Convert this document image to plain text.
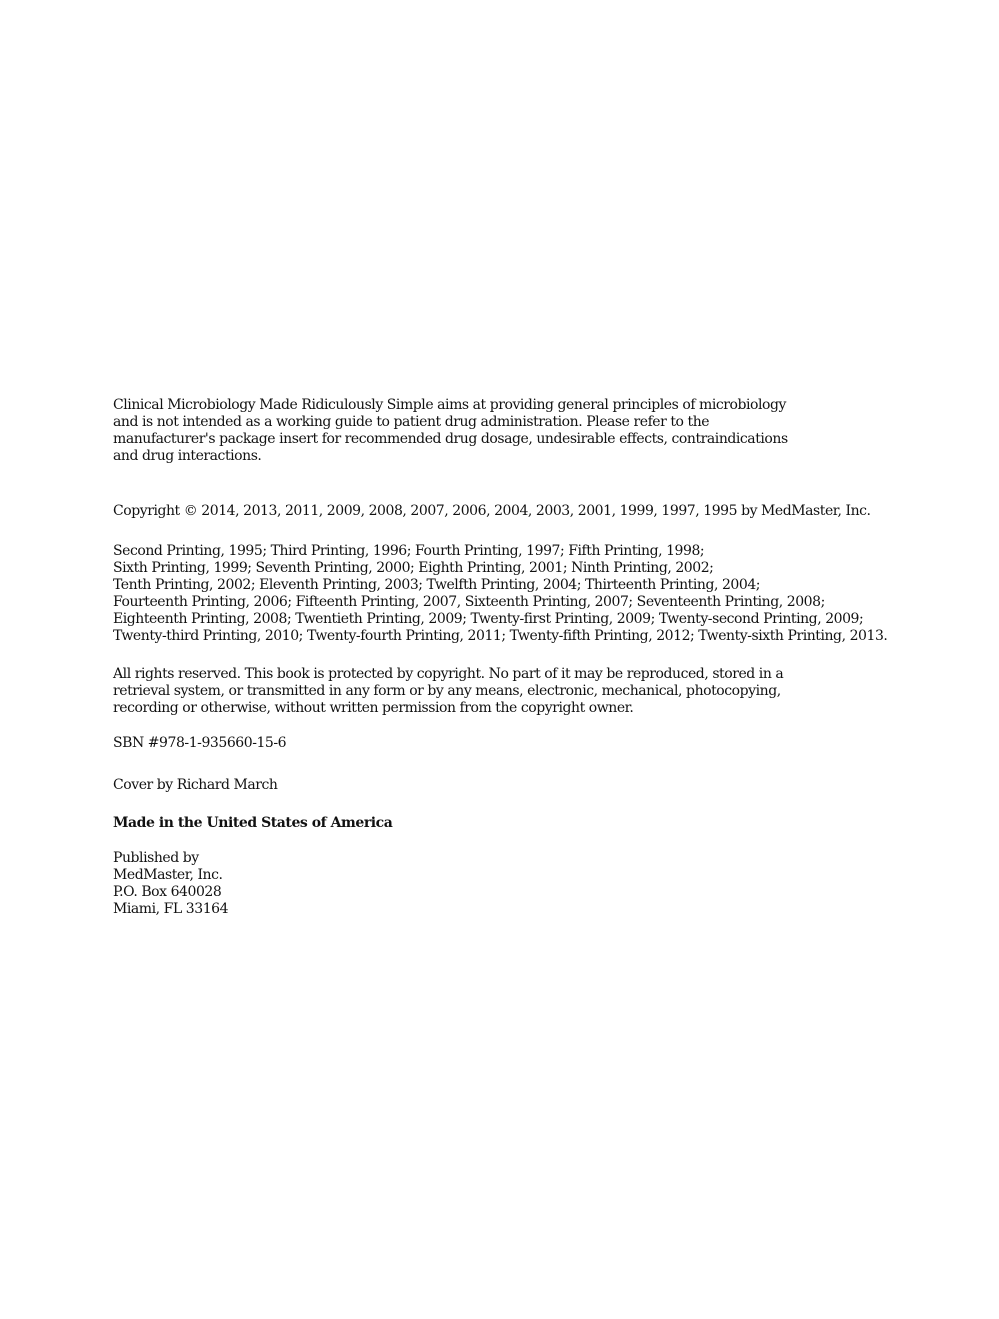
Clinical Microbiology Made Ridiculously Simple aims at providing general principles of microbiology
and is not intended as a working guide to patient drug administration. Please refer to the
manufacturer's package insert for recommended drug dosage, undesirable effects, contraindications
and drug interactions.
Copyright © 2014, 2013, 2011, 2009, 2008, 2007, 2006, 2004, 2003, 2001, 1999, 1997, 1995 by MedMaster, Inc.
Second Printing, 1995; Third Printing, 1996; Fourth Printing, 1997; Fifth Printing, 1998;
Sixth Printing, 1999; Seventh Printing, 2000; Eighth Printing, 2001; Ninth Printing, 2002;
Tenth Printing, 2002; Eleventh Printing, 2003; Twelfth Printing, 2004; Thirteenth Printing, 2004;
Fourteenth Printing, 2006; Fifteenth Printing, 2007, Sixteenth Printing, 2007; Seventeenth Printing, 2008;
Eighteenth Printing, 2008; Twentieth Printing, 2009; Twenty-first Printing, 2009; Twenty-second Printing, 2009;
Twenty-third Printing, 2010; Twenty-fourth Printing, 2011; Twenty-fifth Printing, 2012; Twenty-sixth Printing, 2013.
All rights reserved. This book is protected by copyright. No part of it may be reproduced, stored in a
retrieval system, or transmitted in any form or by any means, electronic, mechanical, photocopying,
recording or otherwise, without written permission from the copyright owner.
SBN #978-1-935660-15-6
Cover by Richard March
Made in the United States of America
Published by
MedMaster, Inc.
P.O. Box 640028
Miami, FL 33164
